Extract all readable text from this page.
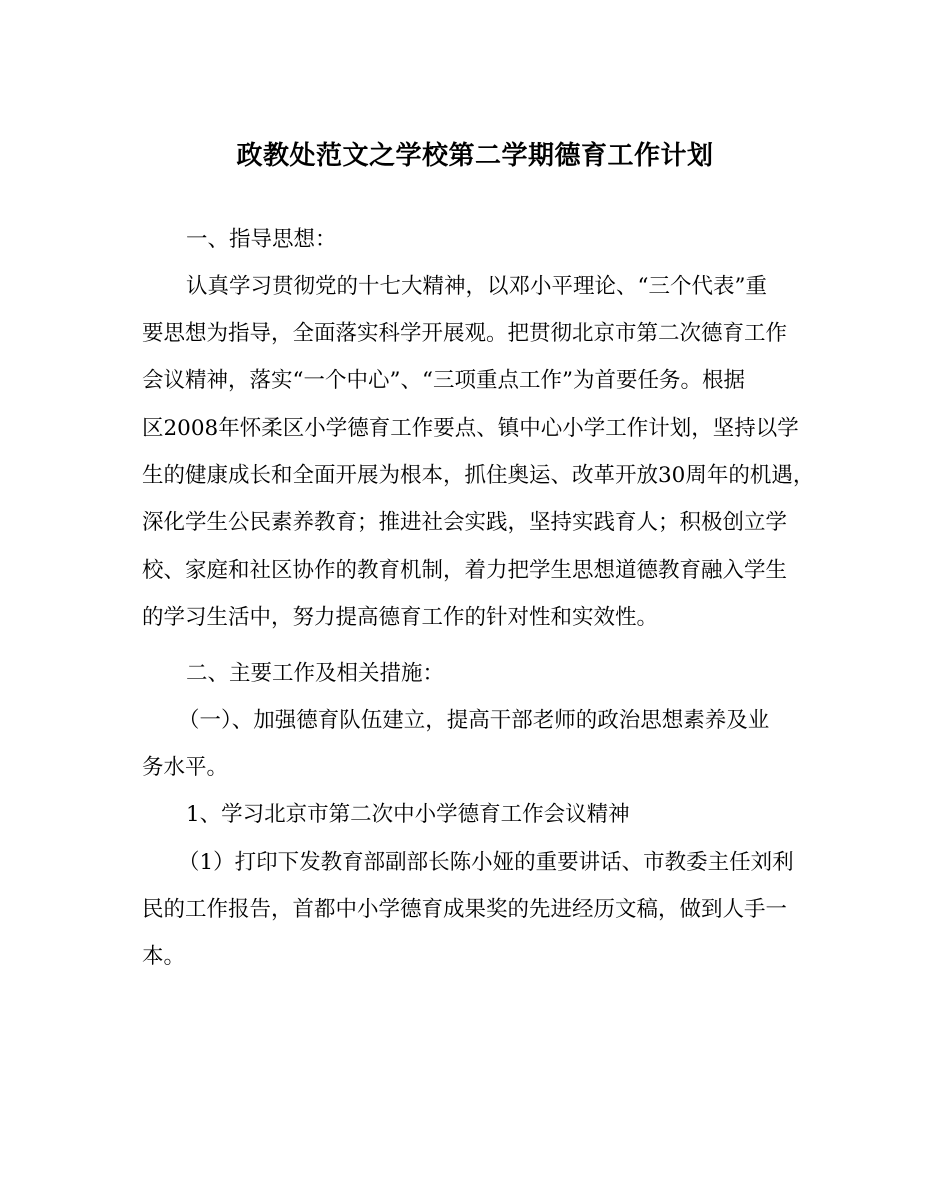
政教处范文之学校第二学期德育工作计划
一、指导思想：
认真学习贯彻党的十七大精神，以邓小平理论、“三个代表”重
要思想为指导，全面落实科学开展观。把贯彻北京市第二次德育工作
会议精神，落实“一个中心”、“三项重点工作”为首要任务。根据
区2008年怀柔区小学德育工作要点、镇中心小学工作计划，坚持以学
生的健康成长和全面开展为根本，抓住奥运、改革开放30周年的机遇，
深化学生公民素养教育；推进社会实践，坚持实践育人；积极创立学
校、家庭和社区协作的教育机制，着力把学生思想道德教育融入学生
的学习生活中，努力提高德育工作的针对性和实效性。
二、主要工作及相关措施：
（一）、加强德育队伍建立，提高干部老师的政治思想素养及业
务水平。
1、学习北京市第二次中小学德育工作会议精神
（1）打印下发教育部副部长陈小娅的重要讲话、市教委主任刘利
民的工作报告，首都中小学德育成果奖的先进经历文稿，做到人手一
本。
